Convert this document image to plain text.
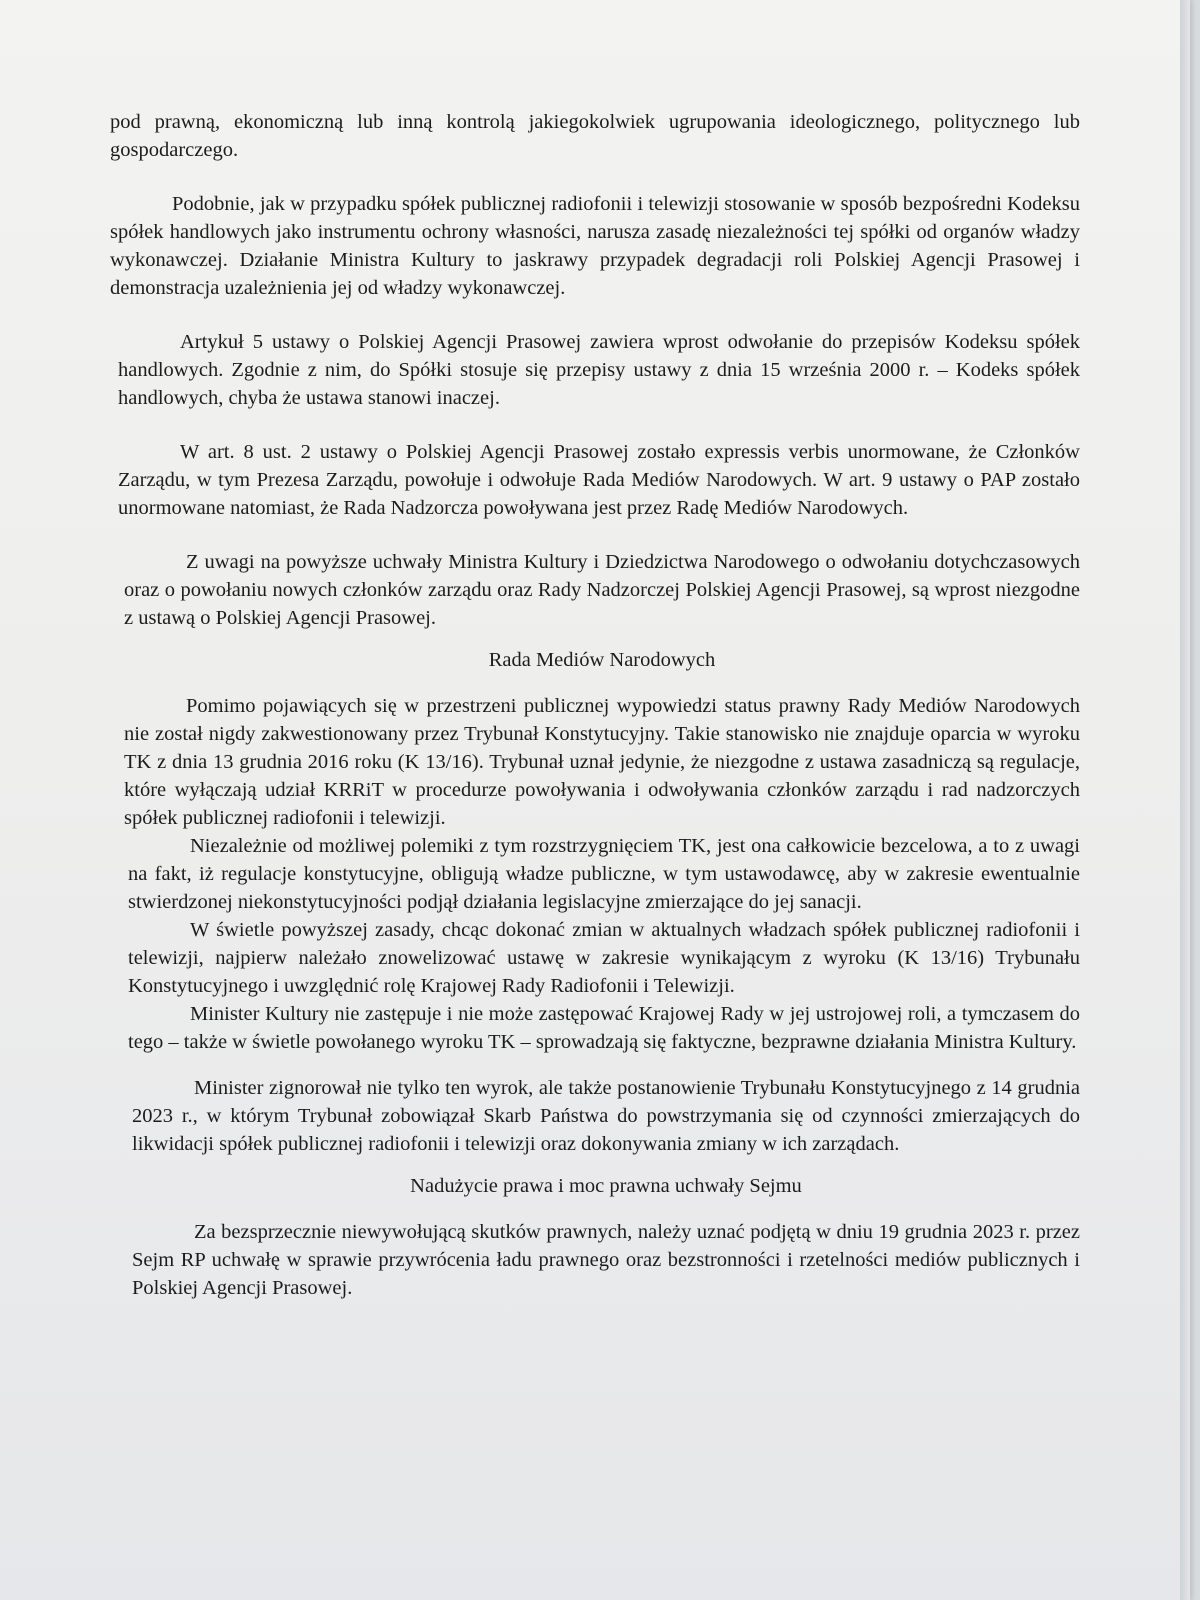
pod prawną, ekonomiczną lub inną kontrolą jakiegokolwiek ugrupowania ideologicznego, politycznego lub gospodarczego.

Podobnie, jak w przypadku spółek publicznej radiofonii i telewizji stosowanie w sposób bezpośredni Kodeksu spółek handlowych jako instrumentu ochrony własności, narusza zasadę niezależności tej spółki od organów władzy wykonawczej. Działanie Ministra Kultury to jaskrawy przypadek degradacji roli Polskiej Agencji Prasowej i demonstracja uzależnienia jej od władzy wykonawczej.

Artykuł 5 ustawy o Polskiej Agencji Prasowej zawiera wprost odwołanie do przepisów Kodeksu spółek handlowych. Zgodnie z nim, do Spółki stosuje się przepisy ustawy z dnia 15 września 2000 r. – Kodeks spółek handlowych, chyba że ustawa stanowi inaczej.

W art. 8 ust. 2 ustawy o Polskiej Agencji Prasowej zostało expressis verbis unormowane, że Członków Zarządu, w tym Prezesa Zarządu, powołuje i odwołuje Rada Mediów Narodowych. W art. 9 ustawy o PAP zostało unormowane natomiast, że Rada Nadzorcza powoływana jest przez Radę Mediów Narodowych.

Z uwagi na powyższe uchwały Ministra Kultury i Dziedzictwa Narodowego o odwołaniu dotychczasowych oraz o powołaniu nowych członków zarządu oraz Rady Nadzorczej Polskiej Agencji Prasowej, są wprost niezgodne z ustawą o Polskiej Agencji Prasowej.

Rada Mediów Narodowych

Pomimo pojawiących się w przestrzeni publicznej wypowiedzi status prawny Rady Mediów Narodowych nie został nigdy zakwestionowany przez Trybunał Konstytucyjny. Takie stanowisko nie znajduje oparcia w wyroku TK z dnia 13 grudnia 2016 roku (K 13/16). Trybunał uznał jedynie, że niezgodne z ustawa zasadniczą są regulacje, które wyłączają udział KRRiT w procedurze powoływania i odwoływania członków zarządu i rad nadzorczych spółek publicznej radiofonii i telewizji.

Niezależnie od możliwej polemiki z tym rozstrzygnięciem TK, jest ona całkowicie bezcelowa, a to z uwagi na fakt, iż regulacje konstytucyjne, obligują władze publiczne, w tym ustawodawcę, aby w zakresie ewentualnie stwierdzonej niekonstytucyjności podjął działania legislacyjne zmierzające do jej sanacji.

W świetle powyższej zasady, chcąc dokonać zmian w aktualnych władzach spółek publicznej radiofonii i telewizji, najpierw należało znowelizować ustawę w zakresie wynikającym z wyroku (K 13/16) Trybunału Konstytucyjnego i uwzględnić rolę Krajowej Rady Radiofonii i Telewizji.

Minister Kultury nie zastępuje i nie może zastępować Krajowej Rady w jej ustrojowej roli, a tymczasem do tego – także w świetle powołanego wyroku TK – sprowadzają się faktyczne, bezprawne działania Ministra Kultury.

Minister zignorował nie tylko ten wyrok, ale także postanowienie Trybunału Konstytucyjnego z 14 grudnia 2023 r., w którym Trybunał zobowiązał Skarb Państwa do powstrzymania się od czynności zmierzających do likwidacji spółek publicznej radiofonii i telewizji oraz dokonywania zmiany w ich zarządach.

Nadużycie prawa i moc prawna uchwały Sejmu

Za bezsprzecznie niewywołującą skutków prawnych, należy uznać podjętą w dniu 19 grudnia 2023 r. przez Sejm RP uchwałę w sprawie przywrócenia ładu prawnego oraz bezstronności i rzetelności mediów publicznych i Polskiej Agencji Prasowej.
